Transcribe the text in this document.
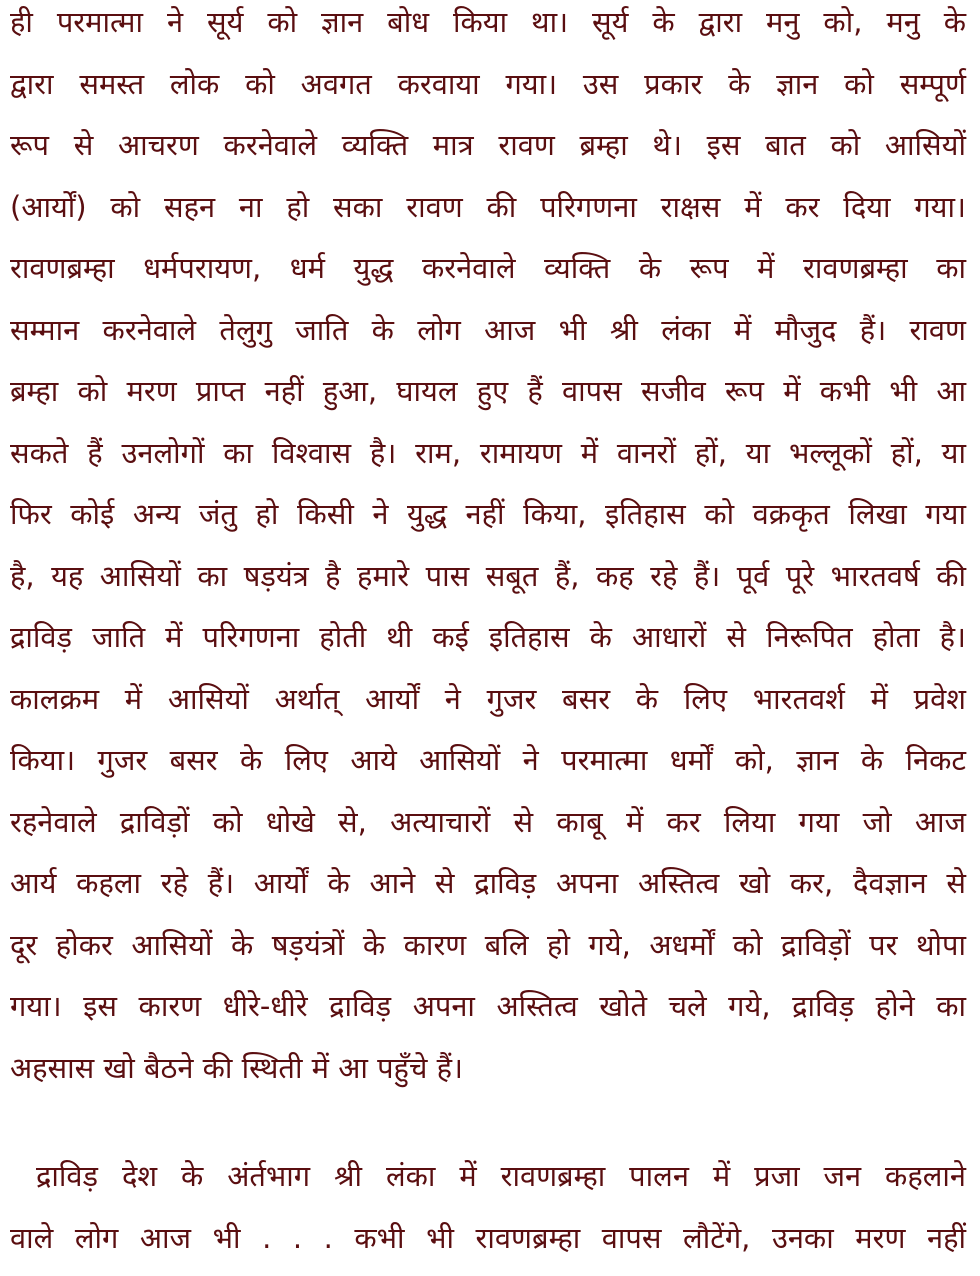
ही परमात्मा ने सूर्य को ज्ञान बोध किया था। सूर्य के द्वारा मनु को, मनु के
द्वारा समस्त लोक को अवगत करवाया गया। उस प्रकार के ज्ञान को सम्पूर्ण
रूप से आचरण करनेवाले व्यक्ति मात्र रावण ब्रम्हा थे। इस बात को आसियों
(आर्यों) को सहन ना हो सका रावण की परिगणना राक्षस में कर दिया गया।
रावणब्रम्हा धर्मपरायण, धर्म युद्ध करनेवाले व्यक्ति के रूप में रावणब्रम्हा का
सम्मान करनेवाले तेलुगु जाति के लोग आज भी श्री लंका में मौजुद हैं। रावण
ब्रम्हा को मरण प्राप्त नहीं हुआ, घायल हुए हैं वापस सजीव रूप में कभी भी आ
सकते हैं उनलोगों का विश्वास है। राम, रामायण में वानरों हों, या भल्लूकों हों, या
फिर कोई अन्य जंतु हो किसी ने युद्ध नहीं किया, इतिहास को वक्रकृत लिखा गया
है, यह आसियों का षड़यंत्र है हमारे पास सबूत हैं, कह रहे हैं। पूर्व पूरे भारतवर्ष की
द्राविड़ जाति में परिगणना होती थी कई इतिहास के आधारों से निरूपित होता है।
कालक्रम में आसियों अर्थात् आर्यों ने गुजर बसर के लिए भारतवर्श में प्रवेश
किया। गुजर बसर के लिए आये आसियों ने परमात्मा धर्मों को, ज्ञान के निकट
रहनेवाले द्राविड़ों को धोखे से, अत्याचारों से काबू में कर लिया गया जो आज
आर्य कहला रहे हैं। आर्यों के आने से द्राविड़ अपना अस्तित्व खो कर, दैवज्ञान से
दूर होकर आसियों के षड़यंत्रों के कारण बलि हो गये, अधर्मों को द्राविड़ों पर थोपा
गया। इस कारण धीरे-धीरे द्राविड़ अपना अस्तित्व खोते चले गये, द्राविड़ होने का
अहसास खो बैठने की स्थिती में आ पहुँचे हैं।
द्राविड़ देश के अंर्तभाग श्री लंका में रावणब्रम्हा पालन में प्रजा जन कहलाने
वाले लोग आज भी . . . कभी भी रावणब्रम्हा वापस लौटेंगे, उनका मरण नहीं
